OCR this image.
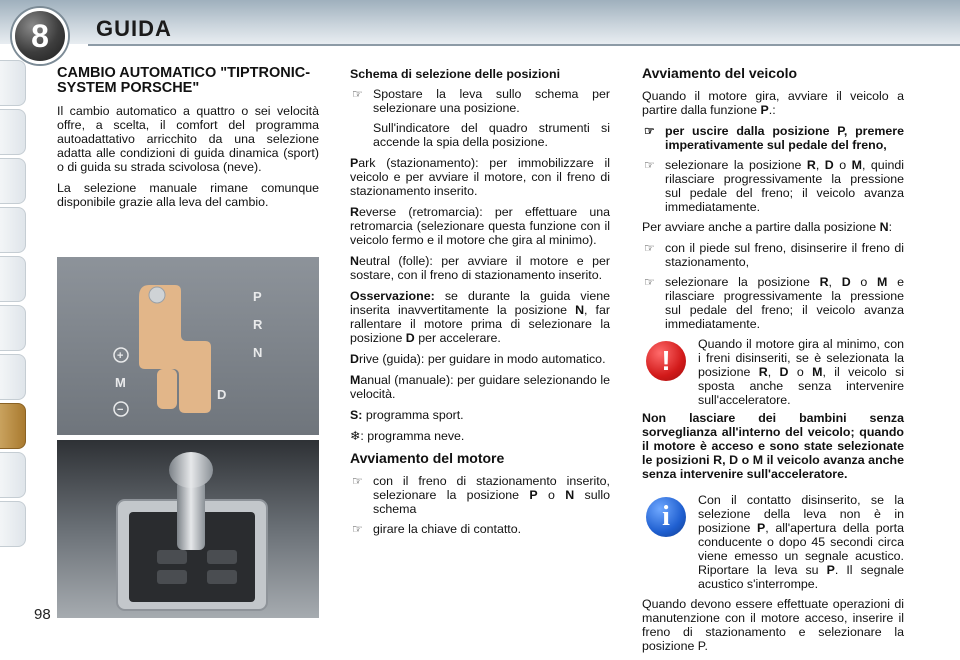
8	GUIDA
98
CAMBIO AUTOMATICO "TIPTRONIC-SYSTEM PORSCHE"

Il cambio automatico a quattro o sei velocità offre, a scelta, il comfort del programma autoadattativo arricchito da una selezione adatta alle condizioni di guida dinamica (sport) o di guida su strada scivolosa (neve).

La selezione manuale rimane comunque disponibile grazie alla leva del cambio.

P
R
N
D
+
M
−
Schema di selezione delle posizioni
☞ Spostare la leva sullo schema per selezionare una posizione.

Sull'indicatore del quadro strumenti si accende la spia della posizione.

Park (stazionamento): per immobilizzare il veicolo e per avviare il motore, con il freno di stazionamento inserito.

Reverse (retromarcia): per effettuare una retromarcia (selezionare questa funzione con il veicolo fermo e il motore che gira al minimo).

Neutral (folle): per avviare il motore e per sostare, con il freno di stazionamento inserito.

Osservazione: se durante la guida viene inserita inavvertitamente la posizione N, far rallentare il motore prima di selezionare la posizione D per accelerare.

Drive (guida): per guidare in modo automatico.

Manual (manuale): per guidare selezionando le velocità.

S: programma sport.

❄: programma neve.

Avviamento del motore
☞ con il freno di stazionamento inserito, selezionare la posizione P o N sullo schema
☞ girare la chiave di contatto.
Avviamento del veicolo

Quando il motore gira, avviare il veicolo a partire dalla funzione P.:

☞ per uscire dalla posizione P, premere imperativamente sul pedale del freno,
☞ selezionare la posizione R, D o M, quindi rilasciare progressivamente la pressione sul pedale del freno; il veicolo avanza immediatamente.

Per avviare anche a partire dalla posizione N:

☞ con il piede sul freno, disinserire il freno di stazionamento,
☞ selezionare la posizione R, D o M e rilasciare progressivamente la pressione sul pedale del freno; il veicolo avanza immediatamente.
!

Quando il motore gira al minimo, con i freni disinseriti, se è selezionata la posizione R, D o M, il veicolo si sposta anche senza intervenire sull'acceleratore.

Non lasciare dei bambini senza sorveglianza all'interno del veicolo; quando il motore è acceso e sono state selezionate le posizioni R, D o M il veicolo avanza anche senza intervenire sull'acceleratore.

i

Con il contatto disinserito, se la selezione della leva non è in posizione P, all'apertura della porta conducente o dopo 45 secondi circa viene emesso un segnale acustico. Riportare la leva su P. Il segnale acustico s'interrompe.

Quando devono essere effettuate operazioni di manutenzione con il motore acceso, inserire il freno di stazionamento e selezionare la posizione P.
